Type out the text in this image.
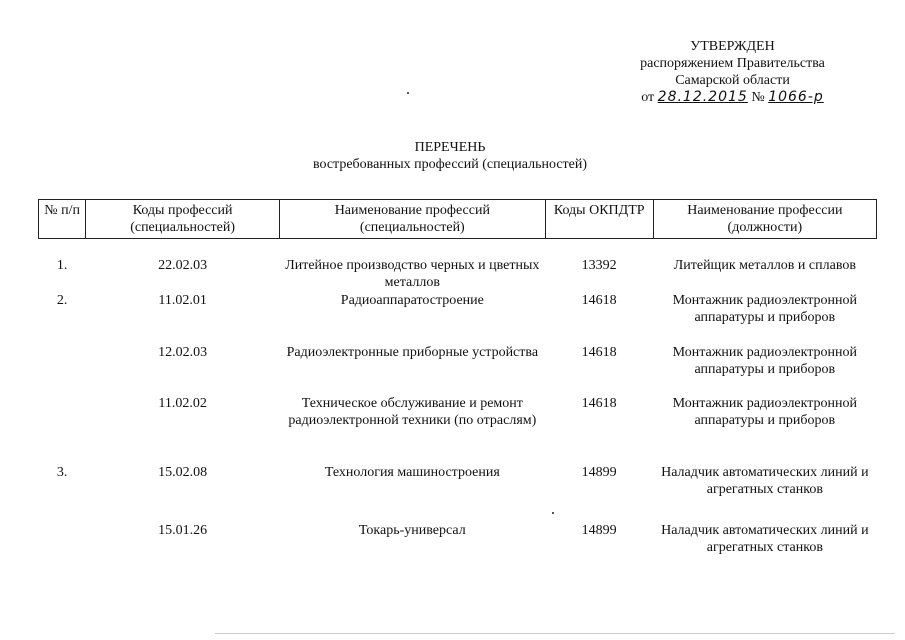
УТВЕРЖДЕН
распоряжением Правительства
Самарской области
от 28.12.2015 № 1066-р
ПЕРЕЧЕНЬ
востребованных профессий (специальностей)
№ п/п	Коды профессий (специальностей)	Наименование профессий (специальностей)	Коды ОКПДТР	Наименование профессии (должности)
1.	22.02.03	Литейное производство черных и цветных металлов	13392	Литейщик металлов и сплавов
2.	11.02.01	Радиоаппаратостроение	14618	Монтажник радиоэлектронной аппаратуры и приборов
	12.02.03	Радиоэлектронные приборные устройства	14618	Монтажник радиоэлектронной аппаратуры и приборов
	11.02.02	Техническое обслуживание и ремонт радиоэлектронной техники (по отраслям)	14618	Монтажник радиоэлектронной аппаратуры и приборов
3.	15.02.08	Технология машиностроения	14899	Наладчик автоматических линий и агрегатных станков
	15.01.26	Токарь-универсал	14899	Наладчик автоматических линий и агрегатных станков
